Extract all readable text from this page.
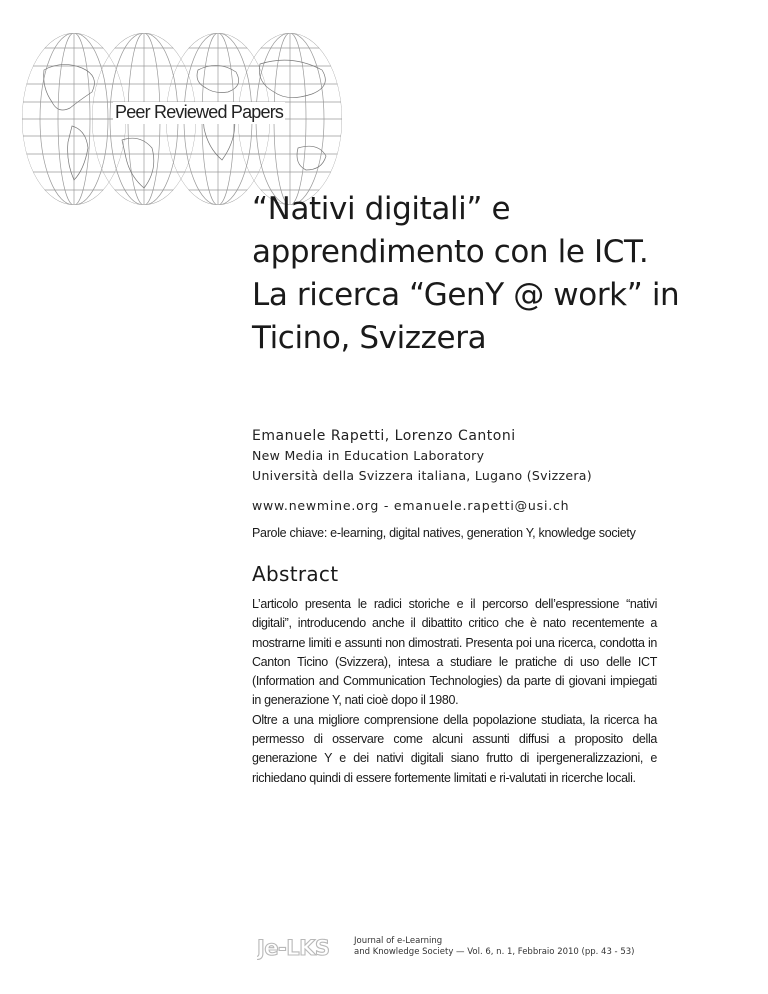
Peer Reviewed Papers
“Nativi digitali” e
apprendimento con le ICT.
La ricerca “GenY @ work” in
Ticino, Svizzera
Emanuele Rapetti, Lorenzo Cantoni
New Media in Education Laboratory
Università della Svizzera italiana, Lugano (Svizzera)
www.newmine.org - emanuele.rapetti@usi.ch
Parole chiave: e-learning, digital natives, generation Y, knowledge society
Abstract

L’articolo presenta le radici storiche e il percorso dell’espressione “nativi digitali”, introducendo anche il dibattito critico che è nato recentemente a mostrarne limiti e assunti non dimostrati. Presenta poi una ricerca, condotta in Canton Ticino (Svizzera), intesa a studiare le pratiche di uso delle ICT (Information and Communication Technologies) da parte di giovani impiegati in generazione Y, nati cioè dopo il 1980.

Oltre a una migliore comprensione della popolazione studiata, la ricerca ha permesso di osservare come alcuni assunti diffusi a proposito della generazione Y e dei nativi digitali siano frutto di ipergeneralizzazioni, e richiedano quindi di essere fortemente limitati e ri-valutati in ricerche locali.

Je-LKS	Journal of e-Learning
and Knowledge Society — Vol. 6, n. 1, Febbraio 2010 (pp. 43 - 53)
